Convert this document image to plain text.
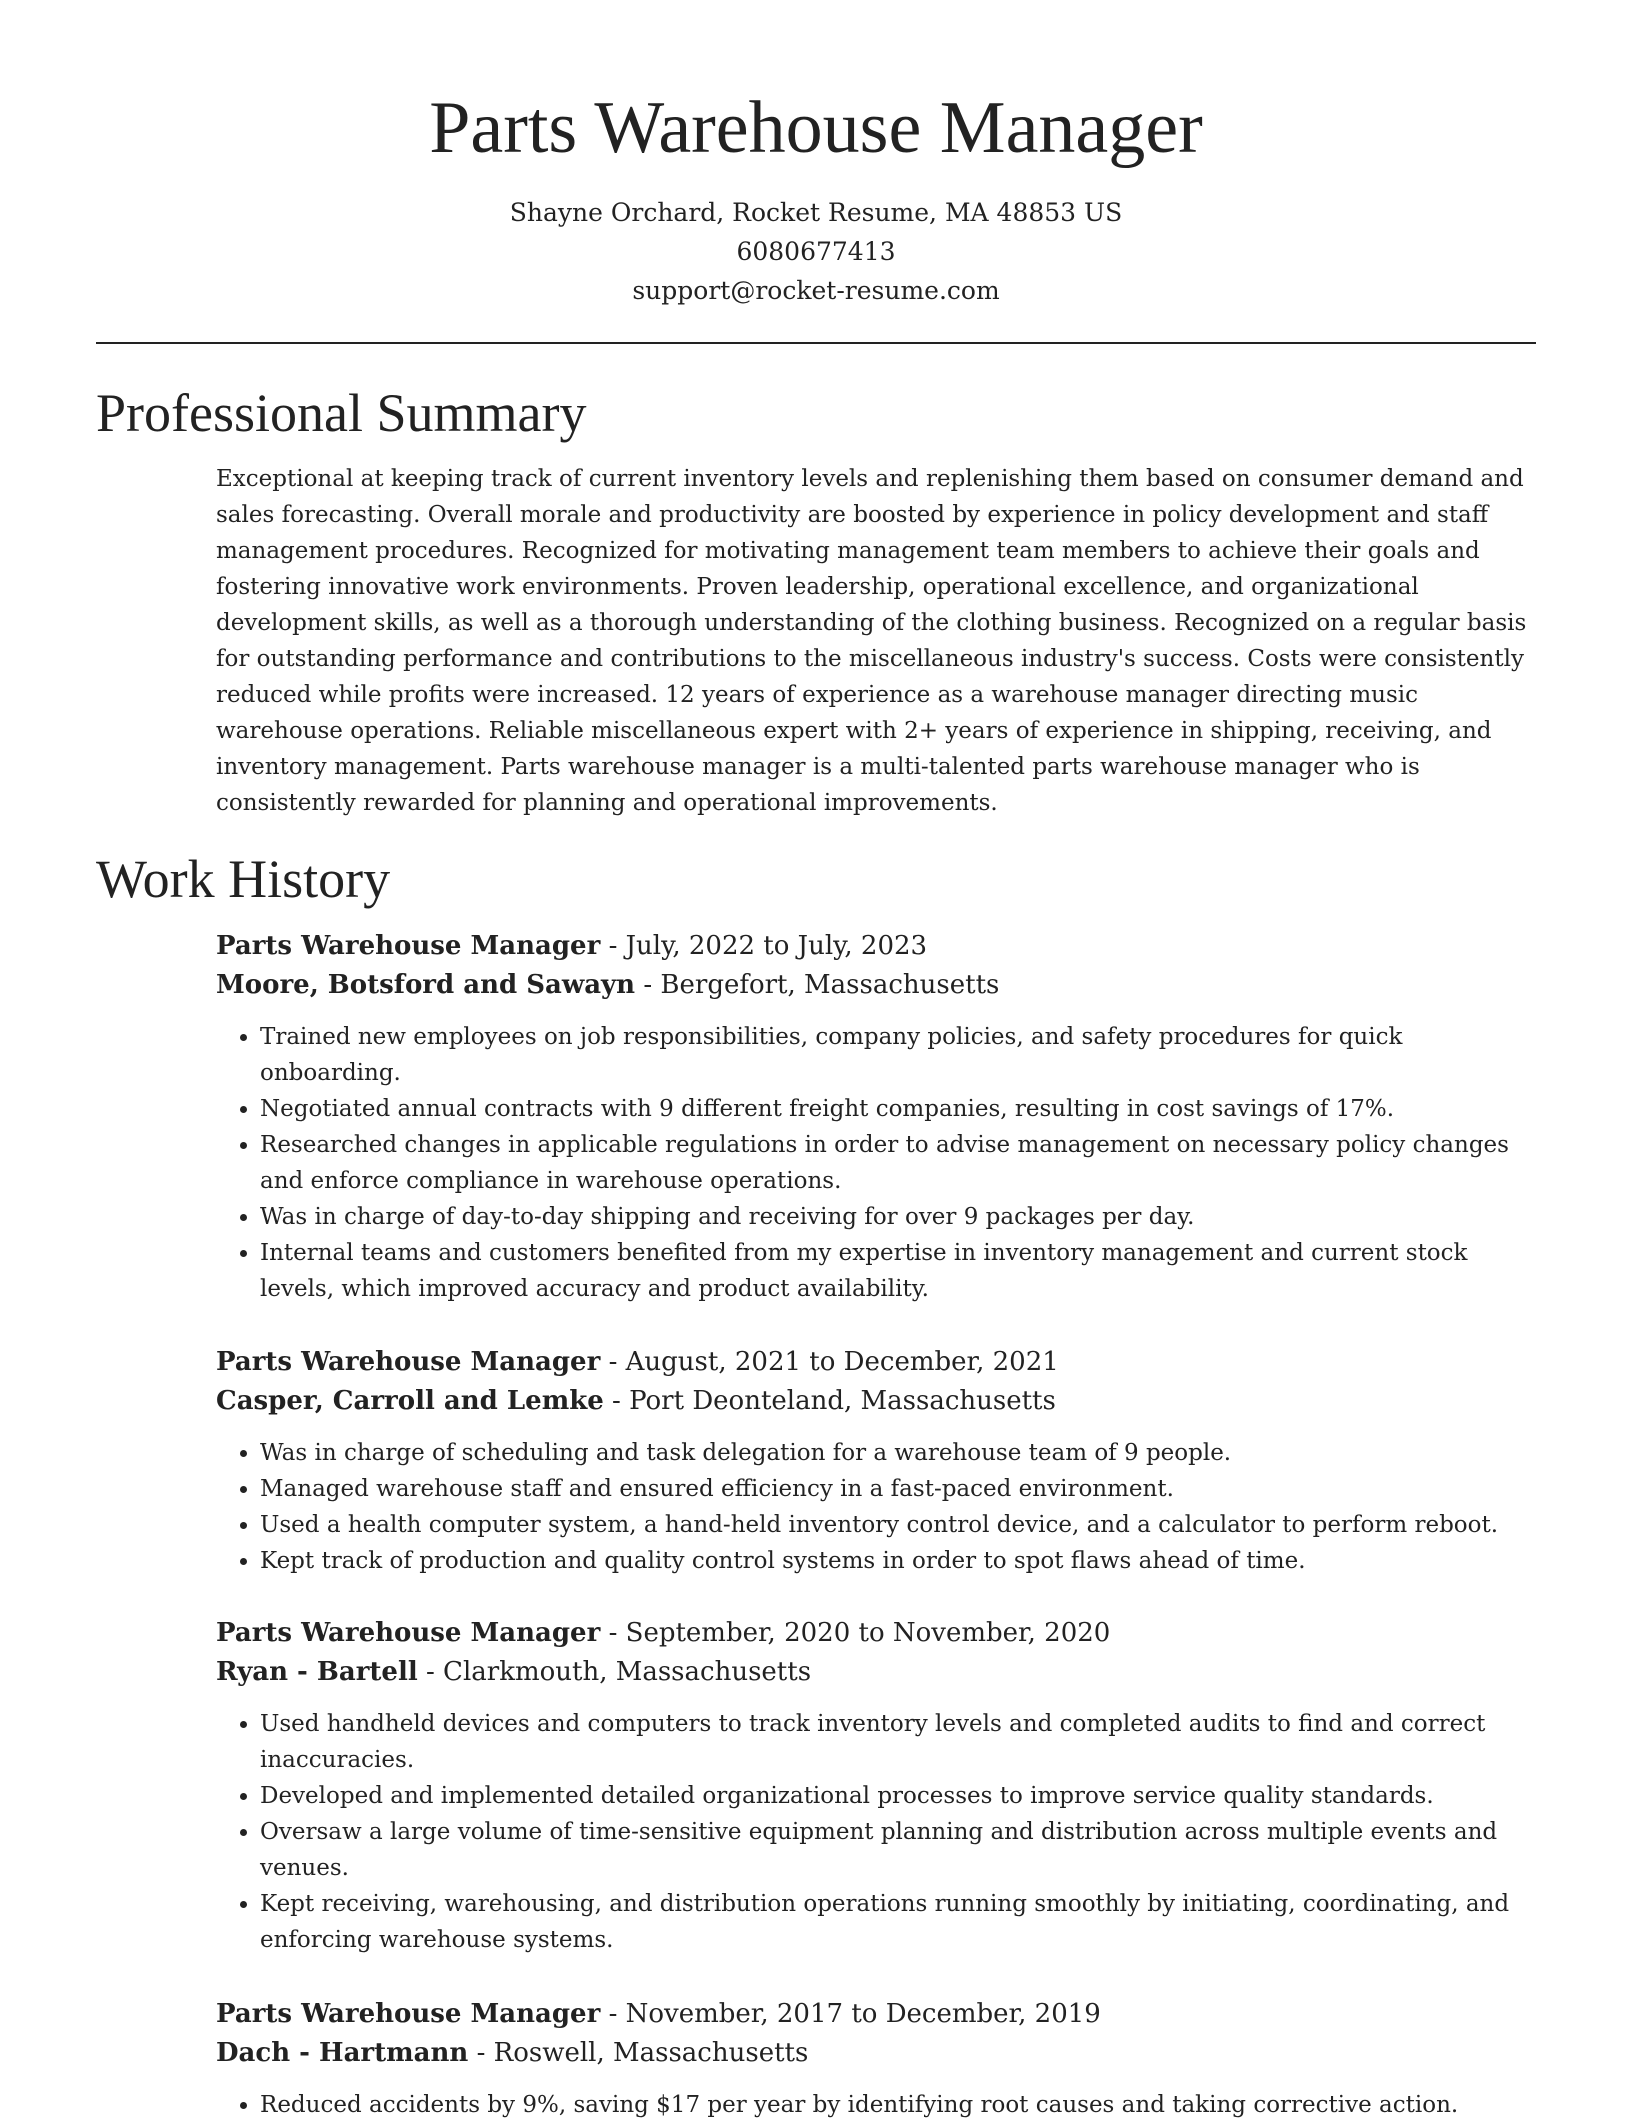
Parts Warehouse Manager
Shayne Orchard, Rocket Resume, MA 48853 US
6080677413
support@rocket-resume.com
Professional Summary

Exceptional at keeping track of current inventory levels and replenishing them based on consumer demand and sales forecasting. Overall morale and productivity are boosted by experience in policy development and staff management procedures. Recognized for motivating management team members to achieve their goals and fostering innovative work environments. Proven leadership, operational excellence, and organizational development skills, as well as a thorough understanding of the clothing business. Recognized on a regular basis for outstanding performance and contributions to the miscellaneous industry's success. Costs were consistently reduced while profits were increased. 12 years of experience as a warehouse manager directing music warehouse operations. Reliable miscellaneous expert with 2+ years of experience in shipping, receiving, and inventory management. Parts warehouse manager is a multi-talented parts warehouse manager who is consistently rewarded for planning and operational improvements.

Work History

Parts Warehouse Manager - July, 2022 to July, 2023

Moore, Botsford and Sawayn - Bergefort, Massachusetts

• Trained new employees on job responsibilities, company policies, and safety procedures for quick onboarding.
• Negotiated annual contracts with 9 different freight companies, resulting in cost savings of 17%.
• Researched changes in applicable regulations in order to advise management on necessary policy changes and enforce compliance in warehouse operations.
• Was in charge of day-to-day shipping and receiving for over 9 packages per day.
• Internal teams and customers benefited from my expertise in inventory management and current stock levels, which improved accuracy and product availability.

Parts Warehouse Manager - August, 2021 to December, 2021

Casper, Carroll and Lemke - Port Deonteland, Massachusetts

• Was in charge of scheduling and task delegation for a warehouse team of 9 people.
• Managed warehouse staff and ensured efficiency in a fast-paced environment.
• Used a health computer system, a hand-held inventory control device, and a calculator to perform reboot.
• Kept track of production and quality control systems in order to spot flaws ahead of time.

Parts Warehouse Manager - September, 2020 to November, 2020

Ryan - Bartell - Clarkmouth, Massachusetts

• Used handheld devices and computers to track inventory levels and completed audits to find and correct inaccuracies.
• Developed and implemented detailed organizational processes to improve service quality standards.
• Oversaw a large volume of time-sensitive equipment planning and distribution across multiple events and venues.
• Kept receiving, warehousing, and distribution operations running smoothly by initiating, coordinating, and enforcing warehouse systems.

Parts Warehouse Manager - November, 2017 to December, 2019

Dach - Hartmann - Roswell, Massachusetts

• Reduced accidents by 9%, saving $17 per year by identifying root causes and taking corrective action.
